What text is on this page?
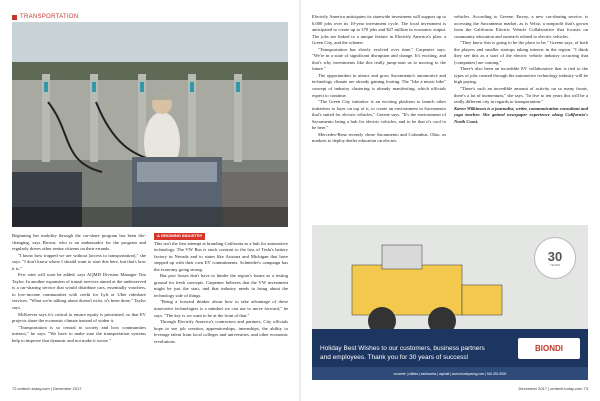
TRANSPORTATION

Beginning her mobility through the car-share program has been life-changing, says Brown, who is an ambassador for the program and regularly drives other senior citizens on their errands.

"I know how trapped we are without [access to transportation]," she says. "I don't know where I should want to start this here, but that's how it is."

Few sites will soon be added, says AQMD Division Manager Tim Taylor. In another expansion of transit services aimed at the underserved is a car-sharing service that would distribute cars, essentially vouchers, to low-income communities with credit for Lyft or Uber rideshare services. "What we're talking about doesn't exist, it's been done," Taylor says.

McKeever says it's critical to ensure equity is prioritized, so that EV projects share the economic climate instead of widen it.

"Transportation is so central to society and how communities interact," he says. "We have to make sure the transportation systems help to improve that dynamic and not make it worse."

A GROWING INDUSTRY

This isn't the first attempt at branding California as a hub for automotive technology. The VW Bus is stock contrast to the loss of Tesla's battery factory in Nevada and to states like Arizona and Michigan that have stepped up with their own EV commitments, Schneider's campaign has the economy going strong.

But port losses don't have to hinder the region's future as a testing ground for fresh concepts. Carpenter believes that the VW investment might be just the start, and that industry needs to bring about the technology side of things.

"Being a forward thinker about how to take advantage of these innovative technologies is a mindset we can use to move forward," he says. "The key is we want to be at the front of that."

Through Electrify America's contractors and partners, City officials hope to see job creation, apprenticeships, internships, the ability to leverage talent from local colleges and universities, and other economic revolutions.

72 cmtech.today.com | December 2017

Electrify America anticipates its statewide investment will support up to 6,000 jobs over its 10-year investment cycle. The local investment is anticipated to create up to 370 jobs and $27 million in economic output. The jobs are linked to a unique feature in Electrify America's plan: a Green City, and the scheme.

"Transportation has slowly evolved over time," Carpenter says. "We're in a state of significant disruption and change. It's exciting, and that's why investments like this really jump-start us to moving to the future."

The opportunities to attract and grow Sacramento's automotive and technology climate are already gaining footing. The "like a music bike" concept of industry clustering is already manifesting, which officials expect to continue.

"The Green City initiative is an exciting platform to launch other initiatives to layer on top of it, to create an environment in Sacramento that's suited for electric vehicles," Greene says. "It's the environment of Sacramento being a hub for electric vehicles, and to be that it's cool to be here."

Mercedes-Benz recently chose Sacramento and Columbus, Ohio, as markets to deploy dealer education on electric

vehicles. According to Greene, Envoy, a new car-sharing service, is accessing the Sacramento market, as is Veloz, a nonprofit that's grown from the California Electric Vehicle Collaborative that focuses on community education and outreach related to electric vehicles.

"They know this is going to be the place to be," Greene says, of both the players and smaller startups taking interest in the region. "I think they see this as a start of the electric vehicle industry occurring that [companies] are coming."

There's also been an incredible EV collaborative that is tied to the types of jobs created through the automotive technology industry will be high paying.

"There's such an incredible amount of activity on so many fronts, there's a lot of momentum," she says. "In five to ten years this will be a really different city in regards to transportation."

Karen Wilkinson is a journalist, writer, communication consultant and yoga teacher. She gained newspaper experience along California's North Coast.

30
YEARS
Holiday Best Wishes to our customers, business partners and employees. Thank you for 30 years of success!
BIONDI
concrete | utilities | earthworks | asphalt | www.biondipaving.com | 916.391.5900
December 2017 | cmtech.today.com 73
